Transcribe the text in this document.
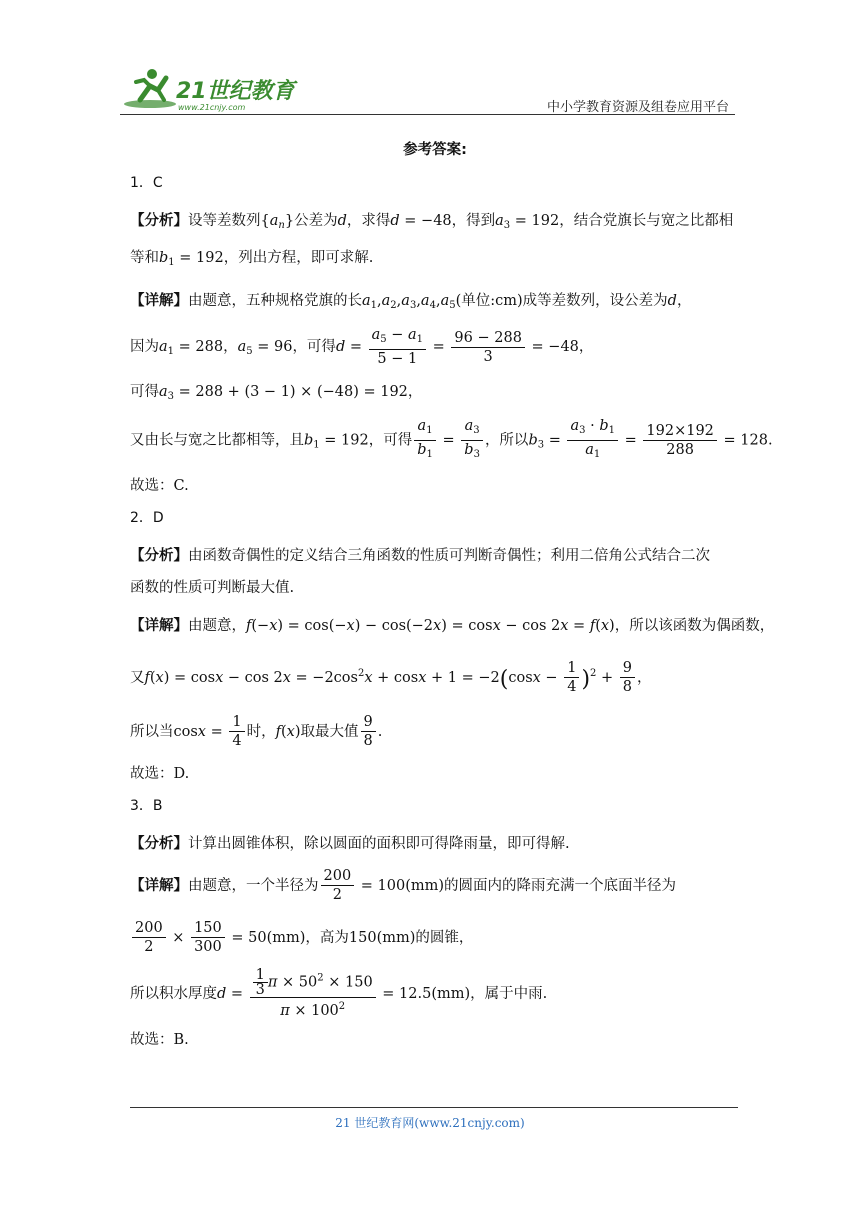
21世纪教育
www.21cnjy.com	中小学教育资源及组卷应用平台
参考答案:

1．C

【分析】设等差数列$\{a_n\}$公差为d，求得d = −48，得到$a_3 = 192$，结合党旗长与宽之比都相

等和$b_1 = 192$，列出方程，即可求解.

【详解】由题意，五种规格党旗的长$a_1,a_2,a_3,a_4,a_5$(单位:cm)成等差数列，设公差为d，

因为$a_1 = 288$，$a_5 = 96$，可得$d = \frac{a_5 - a_1}{5 - 1} = \frac{96 - 288}{3} = -48$，

可得$a_3 = 288 + (3 - 1) \times (-48) = 192$，

又由长与宽之比都相等，且$b_1 = 192$，可得 $\frac{a_1}{b_1} = \frac{a_3}{b_3}$ ，所以$b_3 = \frac{a_3 \cdot b_1}{a_1} = \frac{192\times 192}{288} = 128$.

故选：C.

2．D

【分析】由函数奇偶性的定义结合三角函数的性质可判断奇偶性；利用二倍角公式结合二次

函数的性质可判断最大值.

【详解】由题意，f(−x) = cos(−x) − cos(−2x) = cosx − cos 2x = f(x)，所以该函数为偶函数，

又$f(x) = \cos x - \cos 2x = -2\cos^2x + \cos x + 1 = -2(\cos x - \frac{1}{4} )^2 + \frac{9}{8}$ ，

所以当$\cos x = \frac{1}{4}$ 时，f(x)取最大值 $\frac{9}{8}$ .

故选：D.

3．B

【分析】计算出圆锥体积，除以圆面的面积即可得降雨量，即可得解.

【详解】由题意，一个半径为 $\frac{200}{2} = 100(mm)$的圆面内的降雨充满一个底面半径为

$\frac{200}{2} \times \frac{150}{300} = 50(mm)$，高为150(mm)的圆锥，

所以积水厚度$d = \frac{\frac{1}{3} \pi \times 50^2 \times 150}{\pi \times 100^2} = 12.5(mm)$，属于中雨.

故选：B.

21 世纪教育网(www.21cnjy.com)
